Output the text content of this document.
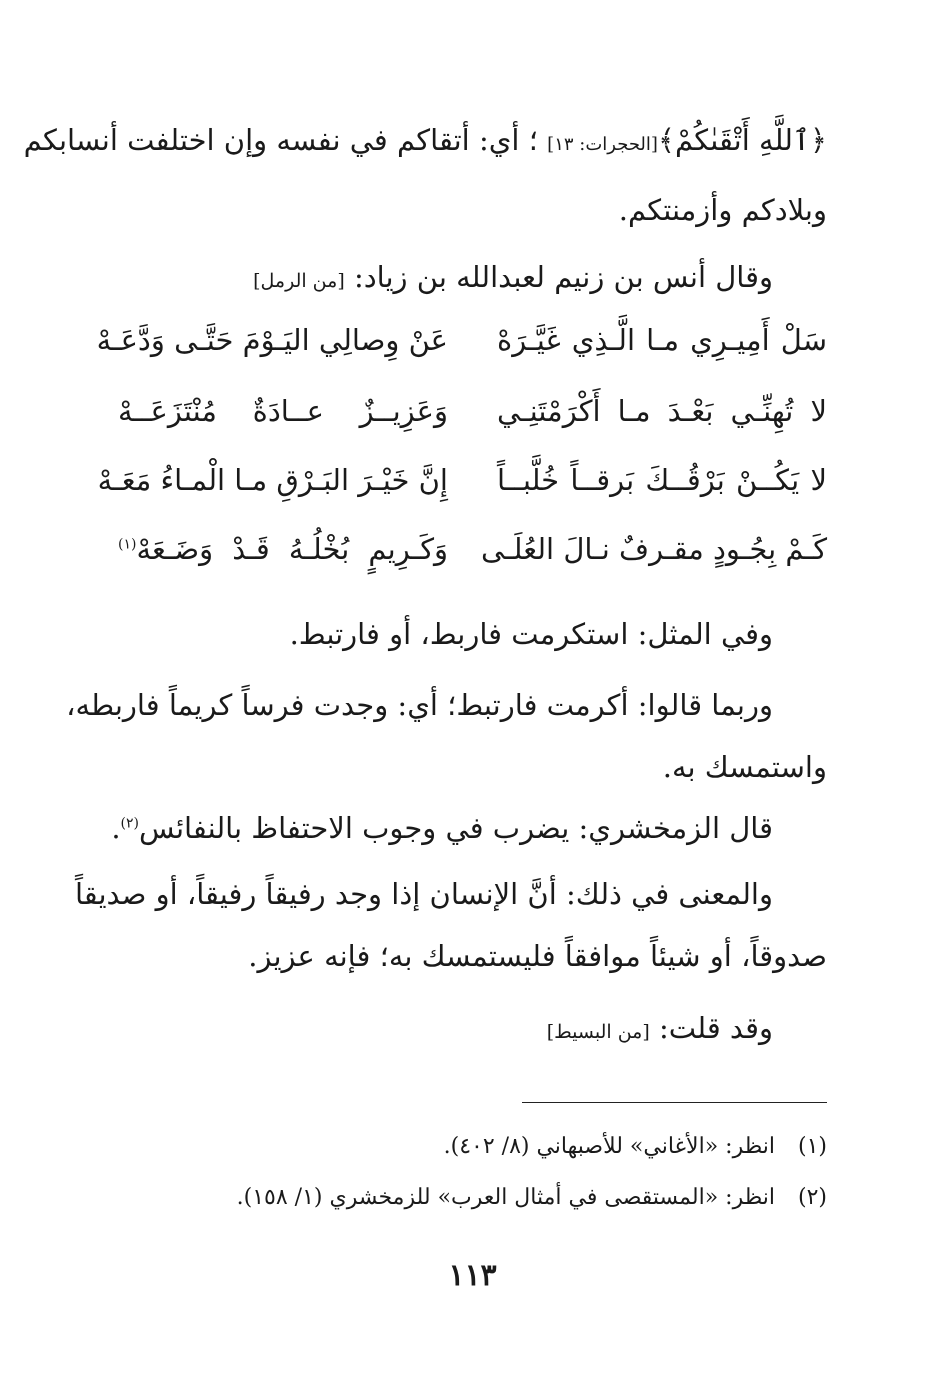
﴿ٱللَّهِ أَتْقَىٰكُمْ﴾[الحجرات: ١٣] ؛ أي: أتقاكم في نفسه وإن اختلفت أنسابكم
وبلادكم وأزمنتكم.
وقال أنس بن زنيم لعبدالله بن زياد: [من الرمل]
سَلْ أَمِيـرِي مـا الَّـذِي غَيَّـرَهْ
عَنْ وِصالِي اليَـوْمَ حَتَّـى وَدَّعَـهْ
لا تُهِنِّـي بَعْـدَ مـا أَكْرَمْتَنِـي
وَعَزِيــزٌ عــادَةٌ مُنْتَزَعَــهْ
لا يَكُــنْ بَرْقُــكَ بَرقــاً خُلَّبــاً
إِنَّ خَيْـرَ البَـرْقِ مـا الْمـاءُ مَعَـهْ
كَـمْ بِجُـودٍ مقـرفٌ نـالَ العُلَـى
وَكَـرِيمٍ بُخْلُـهُ قَـدْ وَضَـعَهْ$^{(١)}$
وفي المثل: استكرمت فاربط، أو فارتبط.
وربما قالوا: أكرمت فارتبط؛ أي: وجدت فرساً كريماً فاربطه،
واستمسك به.
قال الزمخشري: يضرب في وجوب الاحتفاظ بالنفائس$^{(٢)}$.
والمعنى في ذلك: أنَّ الإنسان إذا وجد رفيقاً رفيقاً، أو صديقاً
صدوقاً، أو شيئاً موافقاً فليستمسك به؛ فإنه عزيز.
وقد قلت: [من البسيط]
(١)انظر: «الأغاني» للأصبهاني (٨/ ٤٠٢).
(٢)انظر: «المستقصى في أمثال العرب» للزمخشري (١/ ١٥٨).
١١٣
